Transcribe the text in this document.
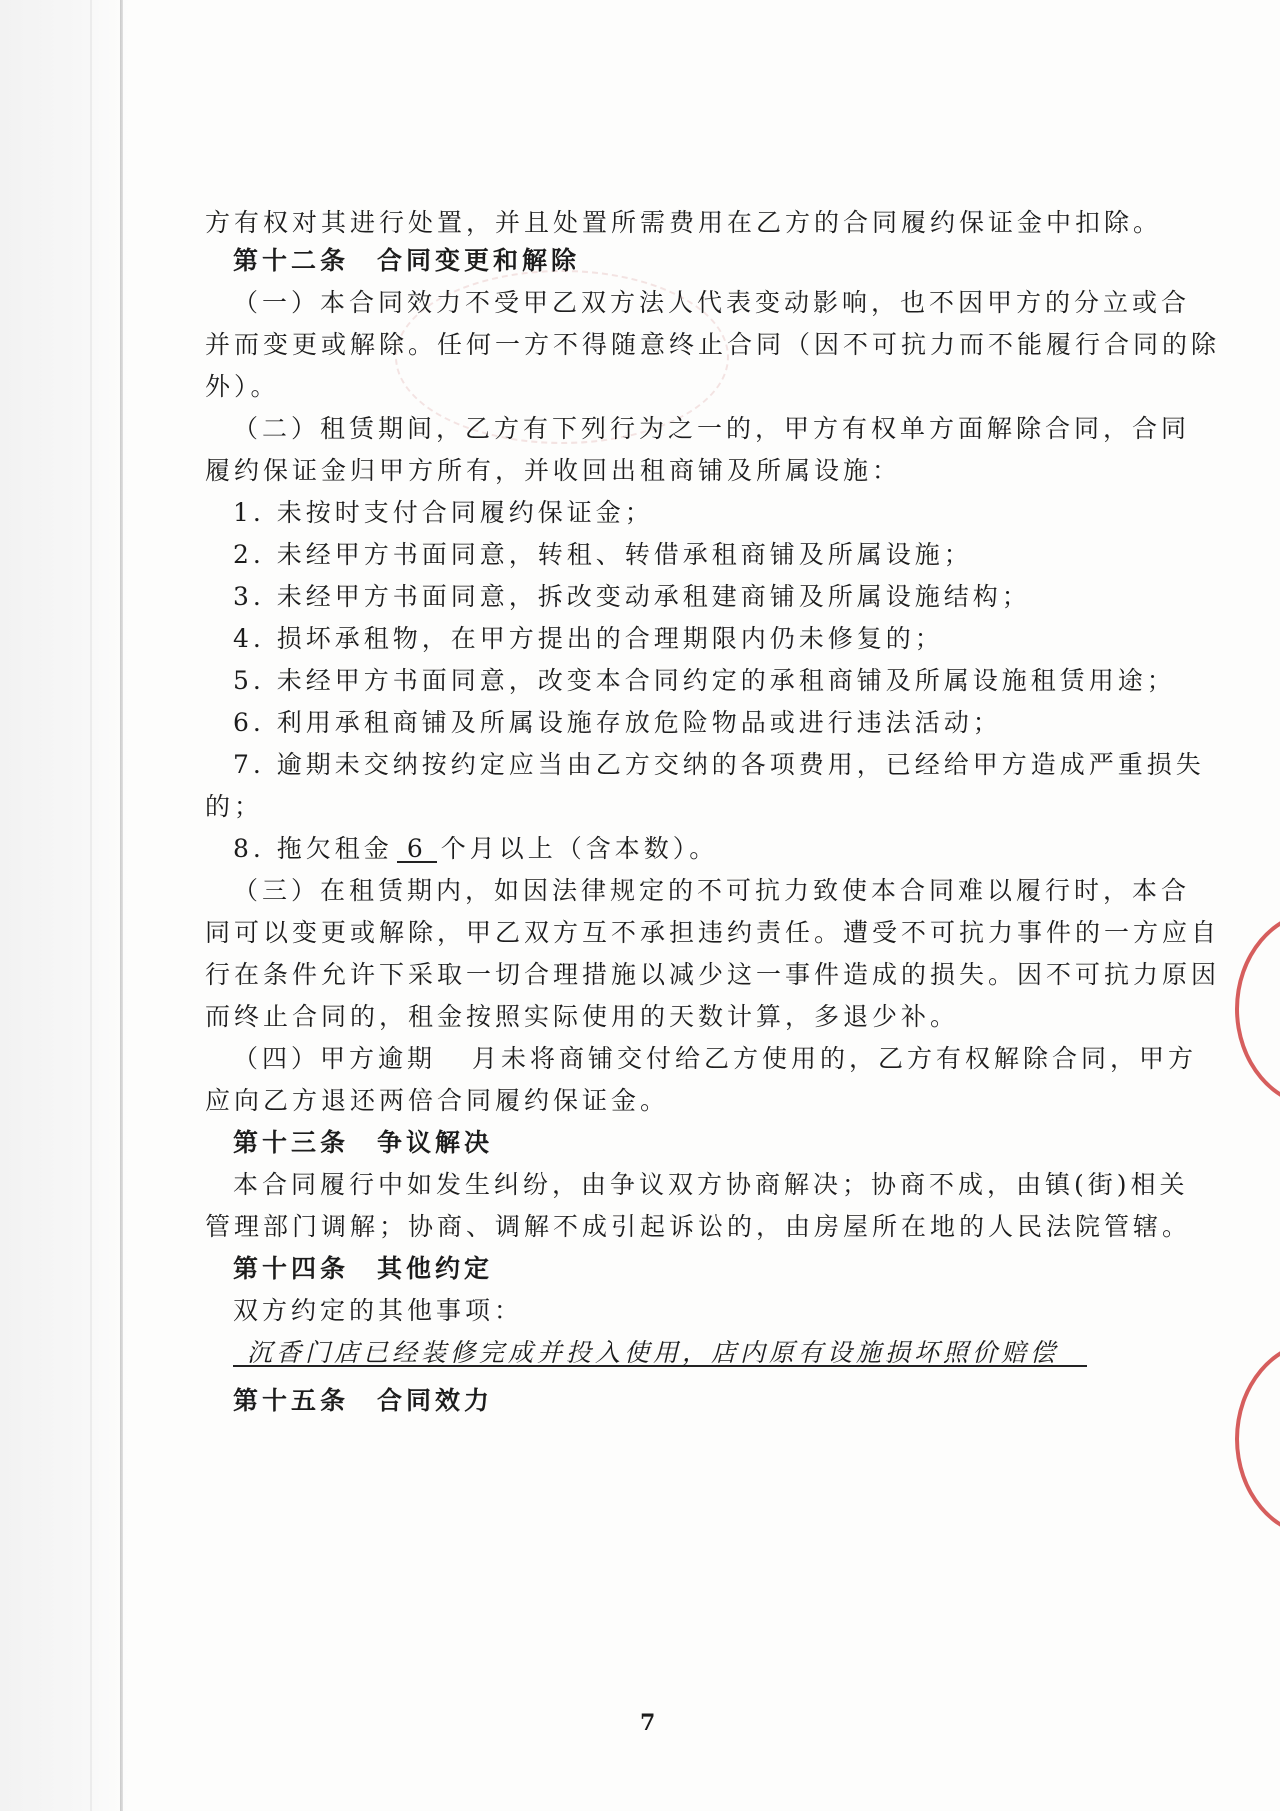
方有权对其进行处置，并且处置所需费用在乙方的合同履约保证金中扣除。
第十二条 合同变更和解除
（一）本合同效力不受甲乙双方法人代表变动影响，也不因甲方的分立或合
并而变更或解除。任何一方不得随意终止合同（因不可抗力而不能履行合同的除
外）。
（二）租赁期间，乙方有下列行为之一的，甲方有权单方面解除合同，合同
履约保证金归甲方所有，并收回出租商铺及所属设施：
1. 未按时支付合同履约保证金；
2. 未经甲方书面同意，转租、转借承租商铺及所属设施；
3. 未经甲方书面同意，拆改变动承租建商铺及所属设施结构；
4. 损坏承租物，在甲方提出的合理期限内仍未修复的；
5. 未经甲方书面同意，改变本合同约定的承租商铺及所属设施租赁用途；
6. 利用承租商铺及所属设施存放危险物品或进行违法活动；
7. 逾期未交纳按约定应当由乙方交纳的各项费用，已经给甲方造成严重损失
的；
8. 拖欠租金 6 个月以上（含本数）。
（三）在租赁期内，如因法律规定的不可抗力致使本合同难以履行时，本合
同可以变更或解除，甲乙双方互不承担违约责任。遭受不可抗力事件的一方应自
行在条件允许下采取一切合理措施以减少这一事件造成的损失。因不可抗力原因
而终止合同的，租金按照实际使用的天数计算，多退少补。
（四）甲方逾期 月未将商铺交付给乙方使用的，乙方有权解除合同，甲方
应向乙方退还两倍合同履约保证金。
第十三条 争议解决
本合同履行中如发生纠纷，由争议双方协商解决；协商不成，由镇(街)相关
管理部门调解；协商、调解不成引起诉讼的，由房屋所在地的人民法院管辖。
第十四条 其他约定
双方约定的其他事项：
沉香门店已经装修完成并投入使用，店内原有设施损坏照价赔偿
第十五条 合同效力
7
